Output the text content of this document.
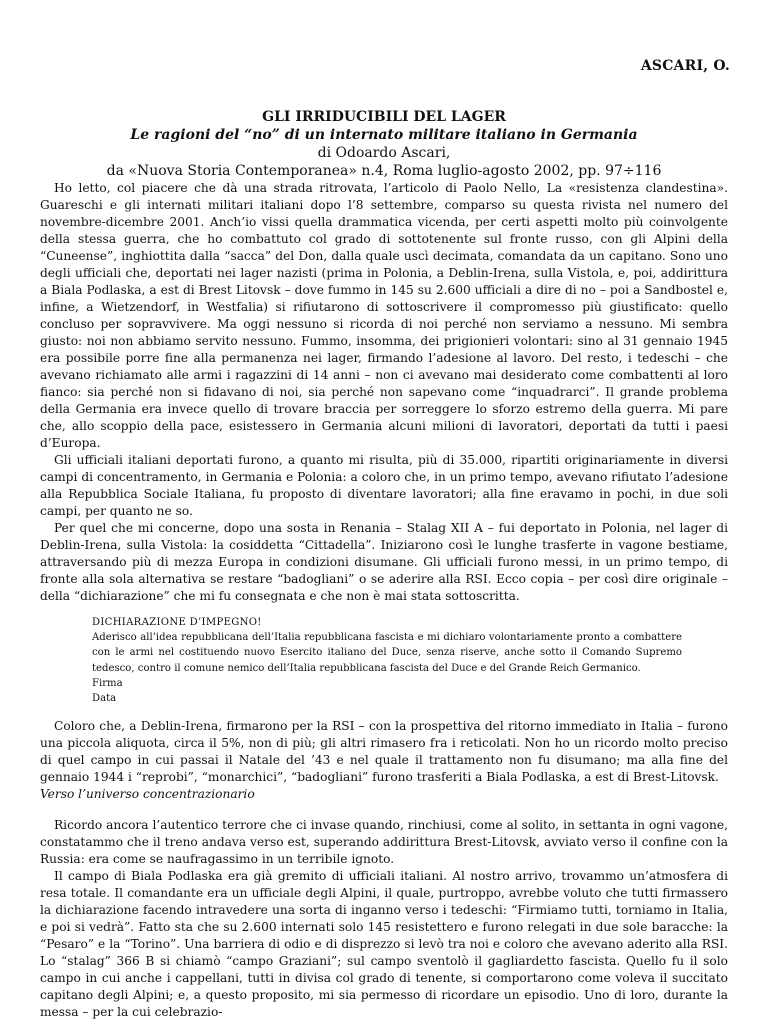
ASCARI, O.
GLI IRRIDUCIBILI DEL LAGER
Le ragioni del “no” di un internato militare italiano in Germania
di Odoardo Ascari,
da «Nuova Storia Contemporanea» n.4, Roma luglio-agosto 2002, pp. 97÷116

Ho letto, col piacere che dà una strada ritrovata, l’articolo di Paolo Nello, La «resistenza clandestina». Guareschi e gli internati militari italiani dopo l’8 settembre, comparso su questa rivista nel numero del novembre-dicembre 2001. Anch’io vissi quella drammatica vicenda, per certi aspetti molto più coinvolgente della stessa guerra, che ho combattuto col grado di sottotenente sul fronte russo, con gli Alpini della “Cuneense”, inghiottita dalla “sacca” del Don, dalla quale uscì decimata, comandata da un capitano. Sono uno degli ufficiali che, deportati nei lager nazisti (prima in Polonia, a Deblin-Irena, sulla Vistola, e, poi, addirittura a Biala Podlaska, a est di Brest Litovsk – dove fummo in 145 su 2.600 ufficiali a dire di no – poi a Sandbostel e, infine, a Wietzendorf, in Westfalia) si rifiutarono di sottoscrivere il compromesso più giustificato: quello concluso per sopravvivere. Ma oggi nessuno si ricorda di noi perché non serviamo a nessuno. Mi sembra giusto: noi non abbiamo servito nessuno. Fummo, insomma, dei prigionieri volontari: sino al 31 gennaio 1945 era possibile porre fine alla permanenza nei lager, firmando l’adesione al lavoro. Del resto, i tedeschi – che avevano richiamato alle armi i ragazzini di 14 anni – non ci avevano mai desiderato come combattenti al loro fianco: sia perché non si fidavano di noi, sia perché non sapevano come “inquadrarci”. Il grande problema della Germania era invece quello di trovare braccia per sorreggere lo sforzo estremo della guerra. Mi pare che, allo scoppio della pace, esistessero in Germania alcuni milioni di lavoratori, deportati da tutti i paesi d’Europa.

Gli ufficiali italiani deportati furono, a quanto mi risulta, più di 35.000, ripartiti originariamente in diversi campi di concentramento, in Germania e Polonia: a coloro che, in un primo tempo, avevano rifiutato l’adesione alla Repubblica Sociale Italiana, fu proposto di diventare lavoratori; alla fine eravamo in pochi, in due soli campi, per quanto ne so.

Per quel che mi concerne, dopo una sosta in Renania – Stalag XII A – fui deportato in Polonia, nel lager di Deblin-Irena, sulla Vistola: la cosiddetta “Cittadella”. Iniziarono così le lunghe trasferte in vagone bestiame, attraversando più di mezza Europa in condizioni disumane. Gli ufficiali furono messi, in un primo tempo, di fronte alla sola alternativa se restare “badogliani” o se aderire alla RSI. Ecco copia – per così dire originale – della “dichiarazione” che mi fu consegnata e che non è mai stata sottoscritta.

DICHIARAZIONE D’IMPEGNO!
Aderisco all’idea repubblicana dell’Italia repubblicana fascista e mi dichiaro volontariamente pronto a combattere con le armi nel costituendo nuovo Esercito italiano del Duce, senza riserve, anche sotto il Comando Supremo tedesco, contro il comune nemico dell’Italia repubblicana fascista del Duce e del Grande Reich Germanico.
Firma
Data

Coloro che, a Deblin-Irena, firmarono per la RSI – con la prospettiva del ritorno immediato in Italia – furono una piccola aliquota, circa il 5%, non di più; gli altri rimasero fra i reticolati. Non ho un ricordo molto preciso di quel campo in cui passai il Natale del ’43 e nel quale il trattamento non fu disumano; ma alla fine del gennaio 1944 i “reprobi”, “monarchici”, “badogliani” furono trasferiti a Biala Podlaska, a est di Brest-Litovsk.

Verso l’universo concentrazionario

Ricordo ancora l’autentico terrore che ci invase quando, rinchiusi, come al solito, in settanta in ogni vagone, constatammo che il treno andava verso est, superando addirittura Brest-Litovsk, avviato verso il confine con la Russia: era come se naufragassimo in un terribile ignoto.

Il campo di Biala Podlaska era già gremito di ufficiali italiani. Al nostro arrivo, trovammo un’atmosfera di resa totale. Il comandante era un ufficiale degli Alpini, il quale, purtroppo, avrebbe voluto che tutti firmassero la dichiarazione facendo intravedere una sorta di inganno verso i tedeschi: “Firmiamo tutti, torniamo in Italia, e poi si vedrà”. Fatto sta che su 2.600 internati solo 145 resistettero e furono relegati in due sole baracche: la “Pesaro” e la “Torino”. Una barriera di odio e di disprezzo si levò tra noi e coloro che avevano aderito alla RSI. Lo “stalag” 366 B si chiamò “campo Graziani”; sul campo sventolò il gagliardetto fascista. Quello fu il solo campo in cui anche i cappellani, tutti in divisa col grado di tenente, si comportarono come voleva il succitato capitano degli Alpini; e, a questo proposito, mi sia permesso di ricordare un episodio. Uno di loro, durante la messa – per la cui celebrazio-
